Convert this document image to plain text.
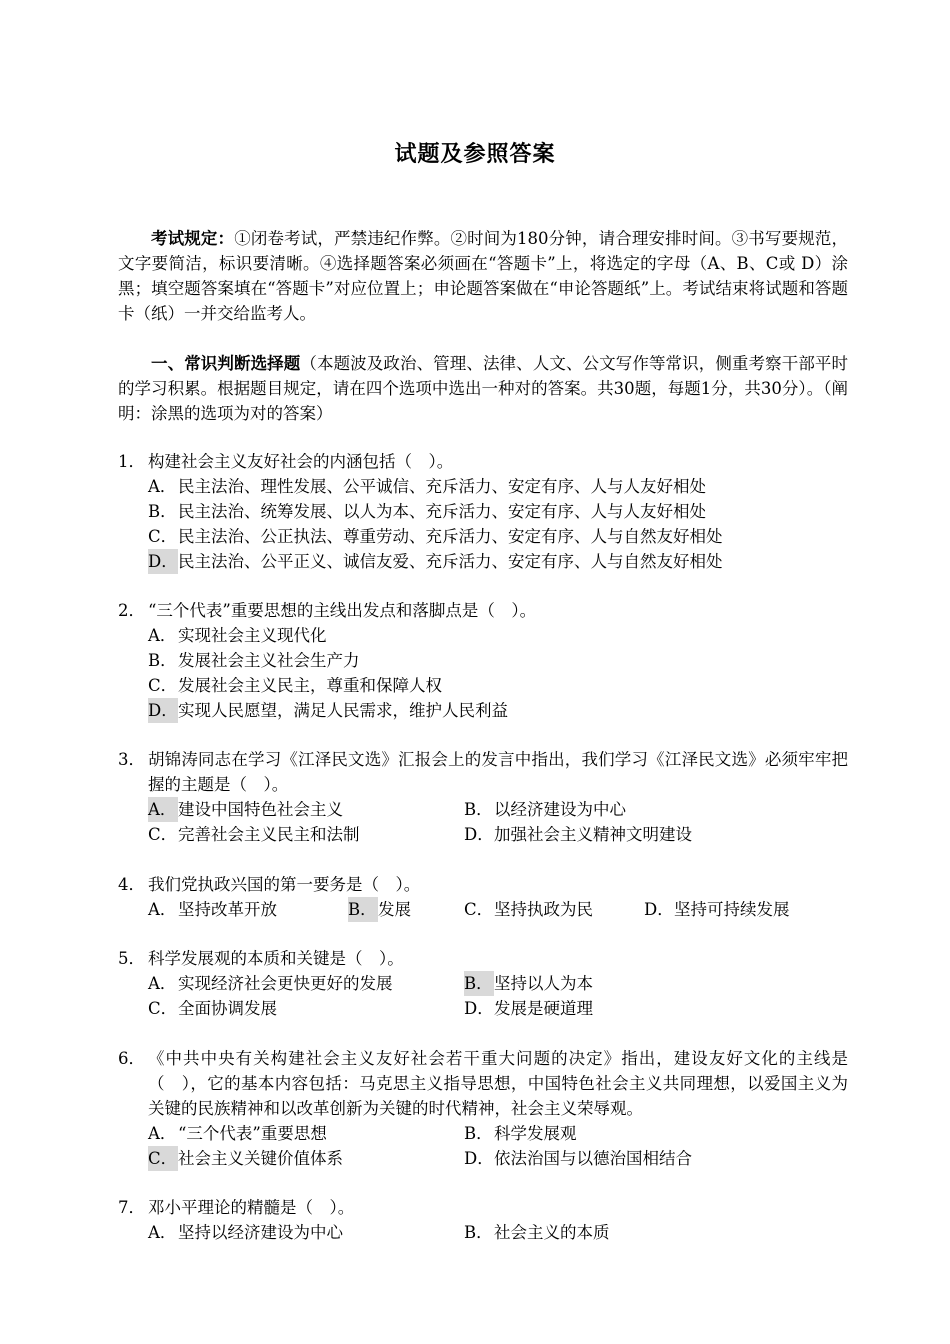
试题及参照答案
考试规定：①闭卷考试，严禁违纪作弊。②时间为180分钟，请合理安排时间。③书写要规范，文字要简洁，标识要清晰。④选择题答案必须画在“答题卡”上，将选定的字母（A、B、C或 D）涂黑；填空题答案填在“答题卡”对应位置上；申论题答案做在“申论答题纸”上。考试结束将试题和答题卡（纸）一并交给监考人。
一、常识判断选择题（本题波及政治、管理、法律、人文、公文写作等常识，侧重考察干部平时的学习积累。根据题目规定，请在四个选项中选出一种对的答案。共30题，每题1分，共30分）。（阐明：涂黑的选项为对的答案）
1． 构建社会主义友好社会的内涵包括（　）。
A．民主法治、理性发展、公平诚信、充斥活力、安定有序、人与人友好相处
B．民主法治、统筹发展、以人为本、充斥活力、安定有序、人与人友好相处
C．民主法治、公正执法、尊重劳动、充斥活力、安定有序、人与自然友好相处
D．民主法治、公平正义、诚信友爱、充斥活力、安定有序、人与自然友好相处
2． “三个代表”重要思想的主线出发点和落脚点是（　）。
A．实现社会主义现代化
B．发展社会主义社会生产力
C．发展社会主义民主，尊重和保障人权
D．实现人民愿望，满足人民需求，维护人民利益
3． 胡锦涛同志在学习《江泽民文选》汇报会上的发言中指出，我们学习《江泽民文选》必须牢牢把握的主题是（　）。
A．建设中国特色社会主义	B．以经济建设为中心
C．完善社会主义民主和法制	D．加强社会主义精神文明建设
4． 我们党执政兴国的第一要务是（　）。
A．坚持改革开放	B．发展	C．坚持执政为民	D．坚持可持续发展
5． 科学发展观的本质和关键是（　）。
A．实现经济社会更快更好的发展	B．坚持以人为本
C．全面协调发展	D．发展是硬道理
6． 《中共中央有关构建社会主义友好社会若干重大问题的决定》指出，建设友好文化的主线是（　），它的基本内容包括：马克思主义指导思想，中国特色社会主义共同理想，以爱国主义为关键的民族精神和以改革创新为关键的时代精神，社会主义荣辱观。
A．“三个代表”重要思想	B．科学发展观
C．社会主义关键价值体系	D．依法治国与以德治国相结合
7． 邓小平理论的精髓是（　）。
A．坚持以经济建设为中心	B．社会主义的本质
